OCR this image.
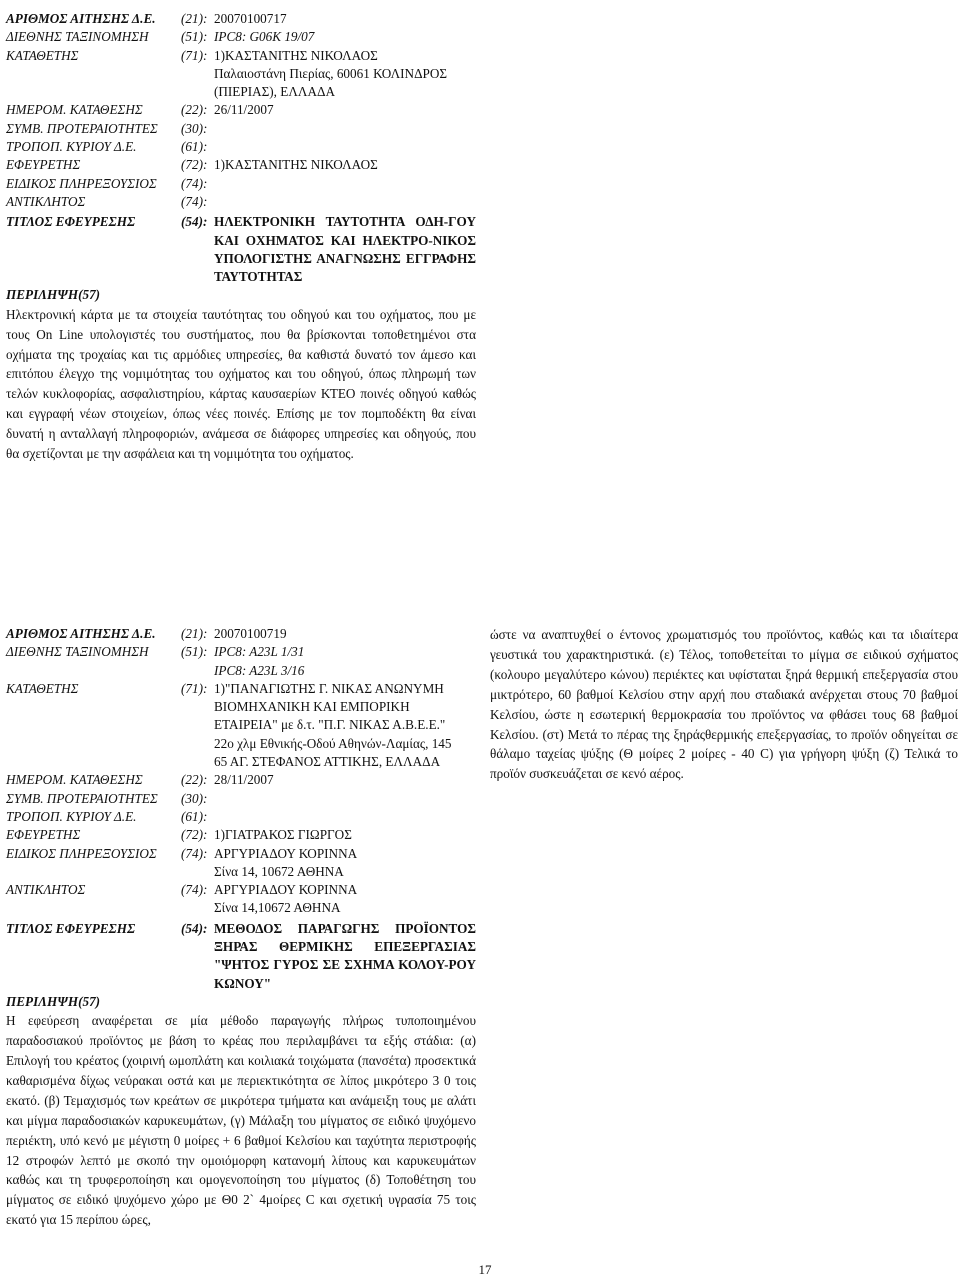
ΑΡΙΘΜΟΣ ΑΙΤΗΣΗΣ Δ.Ε.	(21): 20070100717
ΔΙΕΘΝΗΣ ΤΑΞΙΝΟΜΗΣΗ	(51): IPC8: G06K 19/07
ΚΑΤΑΘΕΤΗΣ	(71): 1)ΚΑΣΤΑΝΙΤΗΣ ΝΙΚΟΛΑΟΣ
Παλαιοστάνη Πιερίας, 60061 ΚΟΛΙΝΔΡΟΣ
(ΠΙΕΡΙΑΣ), ΕΛΛΑΔΑ
ΗΜΕΡΟΜ. ΚΑΤΑΘΕΣΗΣ	(22): 26/11/2007
ΣΥΜΒ. ΠΡΟΤΕΡΑΙΟΤΗΤΕΣ	(30):
ΤΡΟΠΟΠ. ΚΥΡΙΟΥ Δ.Ε.	(61):
ΕΦΕΥΡΕΤΗΣ	(72): 1)ΚΑΣΤΑΝΙΤΗΣ ΝΙΚΟΛΑΟΣ
ΕΙΔΙΚΟΣ ΠΛΗΡΕΞΟΥΣΙΟΣ	(74):
ΑΝΤΙΚΛΗΤΟΣ	(74):
ΤΙΤΛΟΣ ΕΦΕΥΡΕΣΗΣ	(54): ΗΛΕΚΤΡΟΝΙΚΗ ΤΑΥΤΟΤΗΤΑ ΟΔΗ-ΓΟΥ ΚΑΙ ΟΧΗΜΑΤΟΣ ΚΑΙ ΗΛΕΚΤΡΟ-ΝΙΚΟΣ ΥΠΟΛΟΓΙΣΤΗΣ ΑΝΑΓΝΩΣΗΣ ΕΓΓΡΑΦΗΣ ΤΑΥΤΟΤΗΤΑΣ
ΠΕΡΙΛΗΨΗ(57)

Ηλεκτρονική κάρτα με τα στοιχεία ταυτότητας του οδηγού και του οχήματος, που με τους On Line υπολογιστές του συστήματος, που θα βρίσκονται τοποθετημένοι στα οχήματα της τροχαίας και τις αρμόδιες υπηρεσίες, θα καθιστά δυνατό τον άμεσο και επιτόπου έλεγχο της νομιμότητας του οχήματος και του οδηγού, όπως πληρωμή των τελών κυκλοφορίας, ασφαλιστηρίου, κάρτας καυσαερίων ΚΤΕΟ ποινές οδηγού καθώς και εγγραφή νέων στοιχείων, όπως νέες ποινές. Επίσης με τον πομποδέκτη θα είναι δυνατή η ανταλλαγή πληροφοριών, ανάμεσα σε διάφορες υπηρεσίες και οδηγούς, που θα σχετίζονται με την ασφάλεια και τη νομιμότητα του οχήματος.

ΑΡΙΘΜΟΣ ΑΙΤΗΣΗΣ Δ.Ε.	(21): 20070100719
ΔΙΕΘΝΗΣ ΤΑΞΙΝΟΜΗΣΗ	(51): IPC8: A23L 1/31
IPC8: A23L 3/16
ΚΑΤΑΘΕΤΗΣ	(71): 1)"ΠΑΝΑΓΙΩΤΗΣ Γ. ΝΙΚΑΣ ΑΝΩΝΥΜΗ
ΒΙΟΜΗΧΑΝΙΚΗ ΚΑΙ ΕΜΠΟΡΙΚΗ
ΕΤΑΙΡΕΙΑ" με δ.τ. "Π.Γ. ΝΙΚΑΣ Α.Β.Ε.Ε."
22ο χλμ Εθνικής-Οδού Αθηνών-Λαμίας, 145
65 ΑΓ. ΣΤΕΦΑΝΟΣ ΑΤΤΙΚΗΣ, ΕΛΛΑΔΑ
ΗΜΕΡΟΜ. ΚΑΤΑΘΕΣΗΣ	(22): 28/11/2007
ΣΥΜΒ. ΠΡΟΤΕΡΑΙΟΤΗΤΕΣ	(30):
ΤΡΟΠΟΠ. ΚΥΡΙΟΥ Δ.Ε.	(61):
ΕΦΕΥΡΕΤΗΣ	(72): 1)ΓΙΑΤΡΑΚΟΣ ΓΙΩΡΓΟΣ
ΕΙΔΙΚΟΣ ΠΛΗΡΕΞΟΥΣΙΟΣ	(74): ΑΡΓΥΡΙΑΔΟΥ ΚΟΡΙΝΝΑ
Σίνα 14, 10672 ΑΘΗΝΑ
ΑΝΤΙΚΛΗΤΟΣ	(74): ΑΡΓΥΡΙΑΔΟΥ ΚΟΡΙΝΝΑ
Σίνα 14,10672 ΑΘΗΝΑ
ΤΙΤΛΟΣ ΕΦΕΥΡΕΣΗΣ	(54): ΜΕΘΟΔΟΣ ΠΑΡΑΓΩΓΗΣ ΠΡΟΪΟΝΤΟΣ ΞΗΡΑΣ ΘΕΡΜΙΚΗΣ ΕΠΕΞΕΡΓΑΣΙΑΣ "ΨΗΤΟΣ ΓΥΡΟΣ ΣΕ ΣΧΗΜΑ ΚΟΛΟΥ-ΡΟΥ ΚΩΝΟΥ"
ΠΕΡΙΛΗΨΗ(57)

Η εφεύρεση αναφέρεται σε μία μέθοδο παραγωγής πλήρως τυποποιημένου παραδοσιακού προϊόντος με βάση το κρέας που περιλαμβάνει τα εξής στάδια: (α) Επιλογή του κρέατος (χοιρινή ωμοπλάτη και κοιλιακά τοιχώματα (πανσέτα) προσεκτικά καθαρισμένα δίχως νεύρακαι οστά και με περιεκτικότητα σε λίπος μικρότερο 3 0 τοις εκατό. (β) Τεμαχισμός των κρεάτων σε μικρότερα τμήματα και ανάμειξη τους με αλάτι και μίγμα παραδοσιακών καρυκευμάτων, (γ) Μάλαξη του μίγματος σε ειδικό ψυχόμενο περιέκτη, υπό κενό με μέγιστη 0 μοίρες + 6 βαθμοί Κελσίου και ταχύτητα περιστροφής 12 στροφών λεπτό με σκοπό την ομοιόμορφη κατανομή λίπους και καρυκευμάτων καθώς και τη τρυφεροποίηση και ομογενοποίηση του μίγματος (δ) Τοποθέτηση του μίγματος σε ειδικό ψυχόμενο χώρο με Θ0 2` 4μοίρες C και σχετική υγρασία 75 τοις εκατό για 15 περίπου ώρες,

ώστε να αναπτυχθεί ο έντονος χρωματισμός του προϊόντος, καθώς και τα ιδιαίτερα γευστικά του χαρακτηριστικά. (ε) Τέλος, τοποθετείται το μίγμα σε ειδικού σχήματος (κολουρο μεγαλύτερο κώνου) περιέκτες και υφίσταται ξηρά θερμική επεξεργασία στου μικτρότερο, 60 βαθμοί Κελσίου στην αρχή που σταδιακά ανέρχεται στους 70 βαθμοί Κελσίου, ώστε η εσωτερική θερμοκρασία του προϊόντος να φθάσει τους 68 βαθμοί Κελσίου. (στ) Μετά το πέρας της ξηράςθερμικής επεξεργασίας, το προϊόν οδηγείται σε θάλαμο ταχείας ψύξης (Θ μοίρες 2 μοίρες - 40 C) για γρήγορη ψύξη (ζ) Τελικά το προϊόν συσκευάζεται σε κενό αέρος.

17
